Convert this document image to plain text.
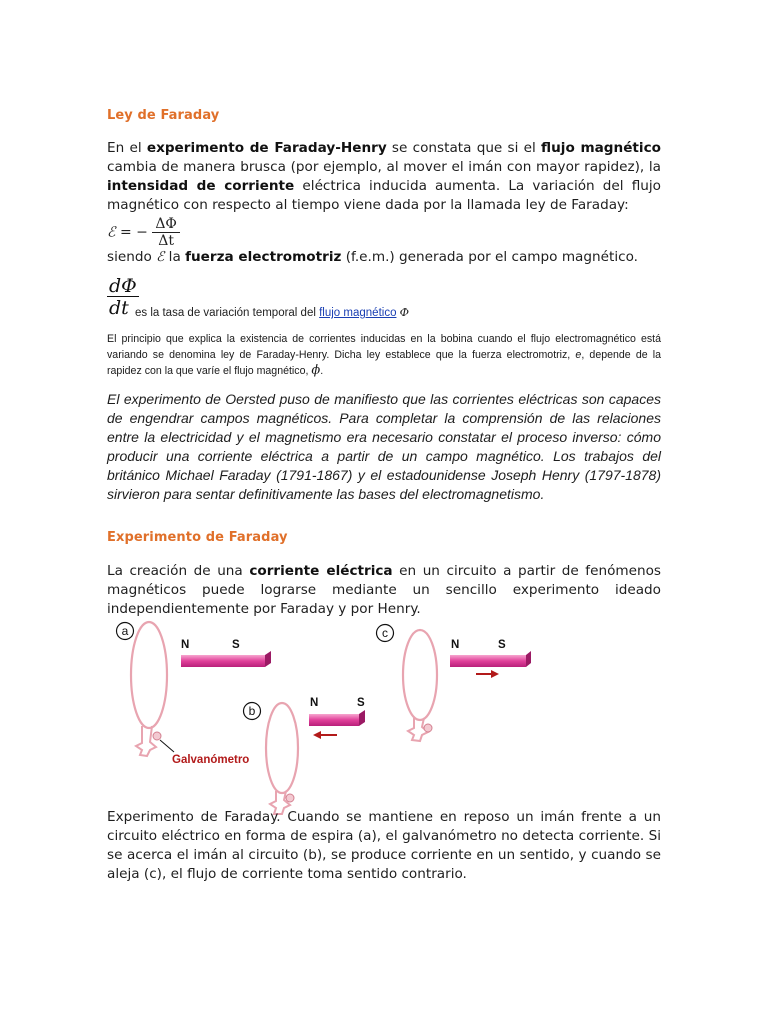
Ley de Faraday
En el experimento de Faraday-Henry se constata que si el flujo magnético cambia de manera brusca (por ejemplo, al mover el imán con mayor rapidez), la intensidad de corriente eléctrica inducida aumenta. La variación del flujo magnético con respecto al tiempo viene dada por la llamada ley de Faraday:
ℰ = − $\frac{\Delta\Phi}{\Delta t}$
siendo ℰ la fuerza electromotriz (f.e.m.) generada por el campo magnético.
$\frac{d\Phi}{dt}$
es la tasa de variación temporal del flujo magnético Φ
El principio que explica la existencia de corrientes inducidas en la bobina cuando el flujo electromagnético está variando se denomina ley de Faraday-Henry. Dicha ley establece que la fuerza electromotriz, e, depende de la rapidez con la que varíe el flujo magnético, ϕ.
El experimento de Oersted puso de manifiesto que las corrientes eléctricas son capaces de engendrar campos magnéticos. Para completar la comprensión de las relaciones entre la electricidad y el magnetismo era necesario constatar el proceso inverso: cómo producir una corriente eléctrica a partir de un campo magnético. Los trabajos del británico Michael Faraday (1791-1867) y el estadounidense Joseph Henry (1797-1878) sirvieron para sentar definitivamente las bases del electromagnetismo.
Experimento de Faraday
La creación de una corriente eléctrica en un circuito a partir de fenómenos magnéticos puede lograrse mediante un sencillo experimento ideado independientemente por Faraday y por Henry.
a
Galvanómetro
N	S
b
N	S
c
N	S
Experimento de Faraday. Cuando se mantiene en reposo un imán frente a un circuito eléctrico en forma de espira (a), el galvanómetro no detecta corriente. Si se acerca el imán al circuito (b), se produce corriente en un sentido, y cuando se aleja (c), el flujo de corriente toma sentido contrario.
